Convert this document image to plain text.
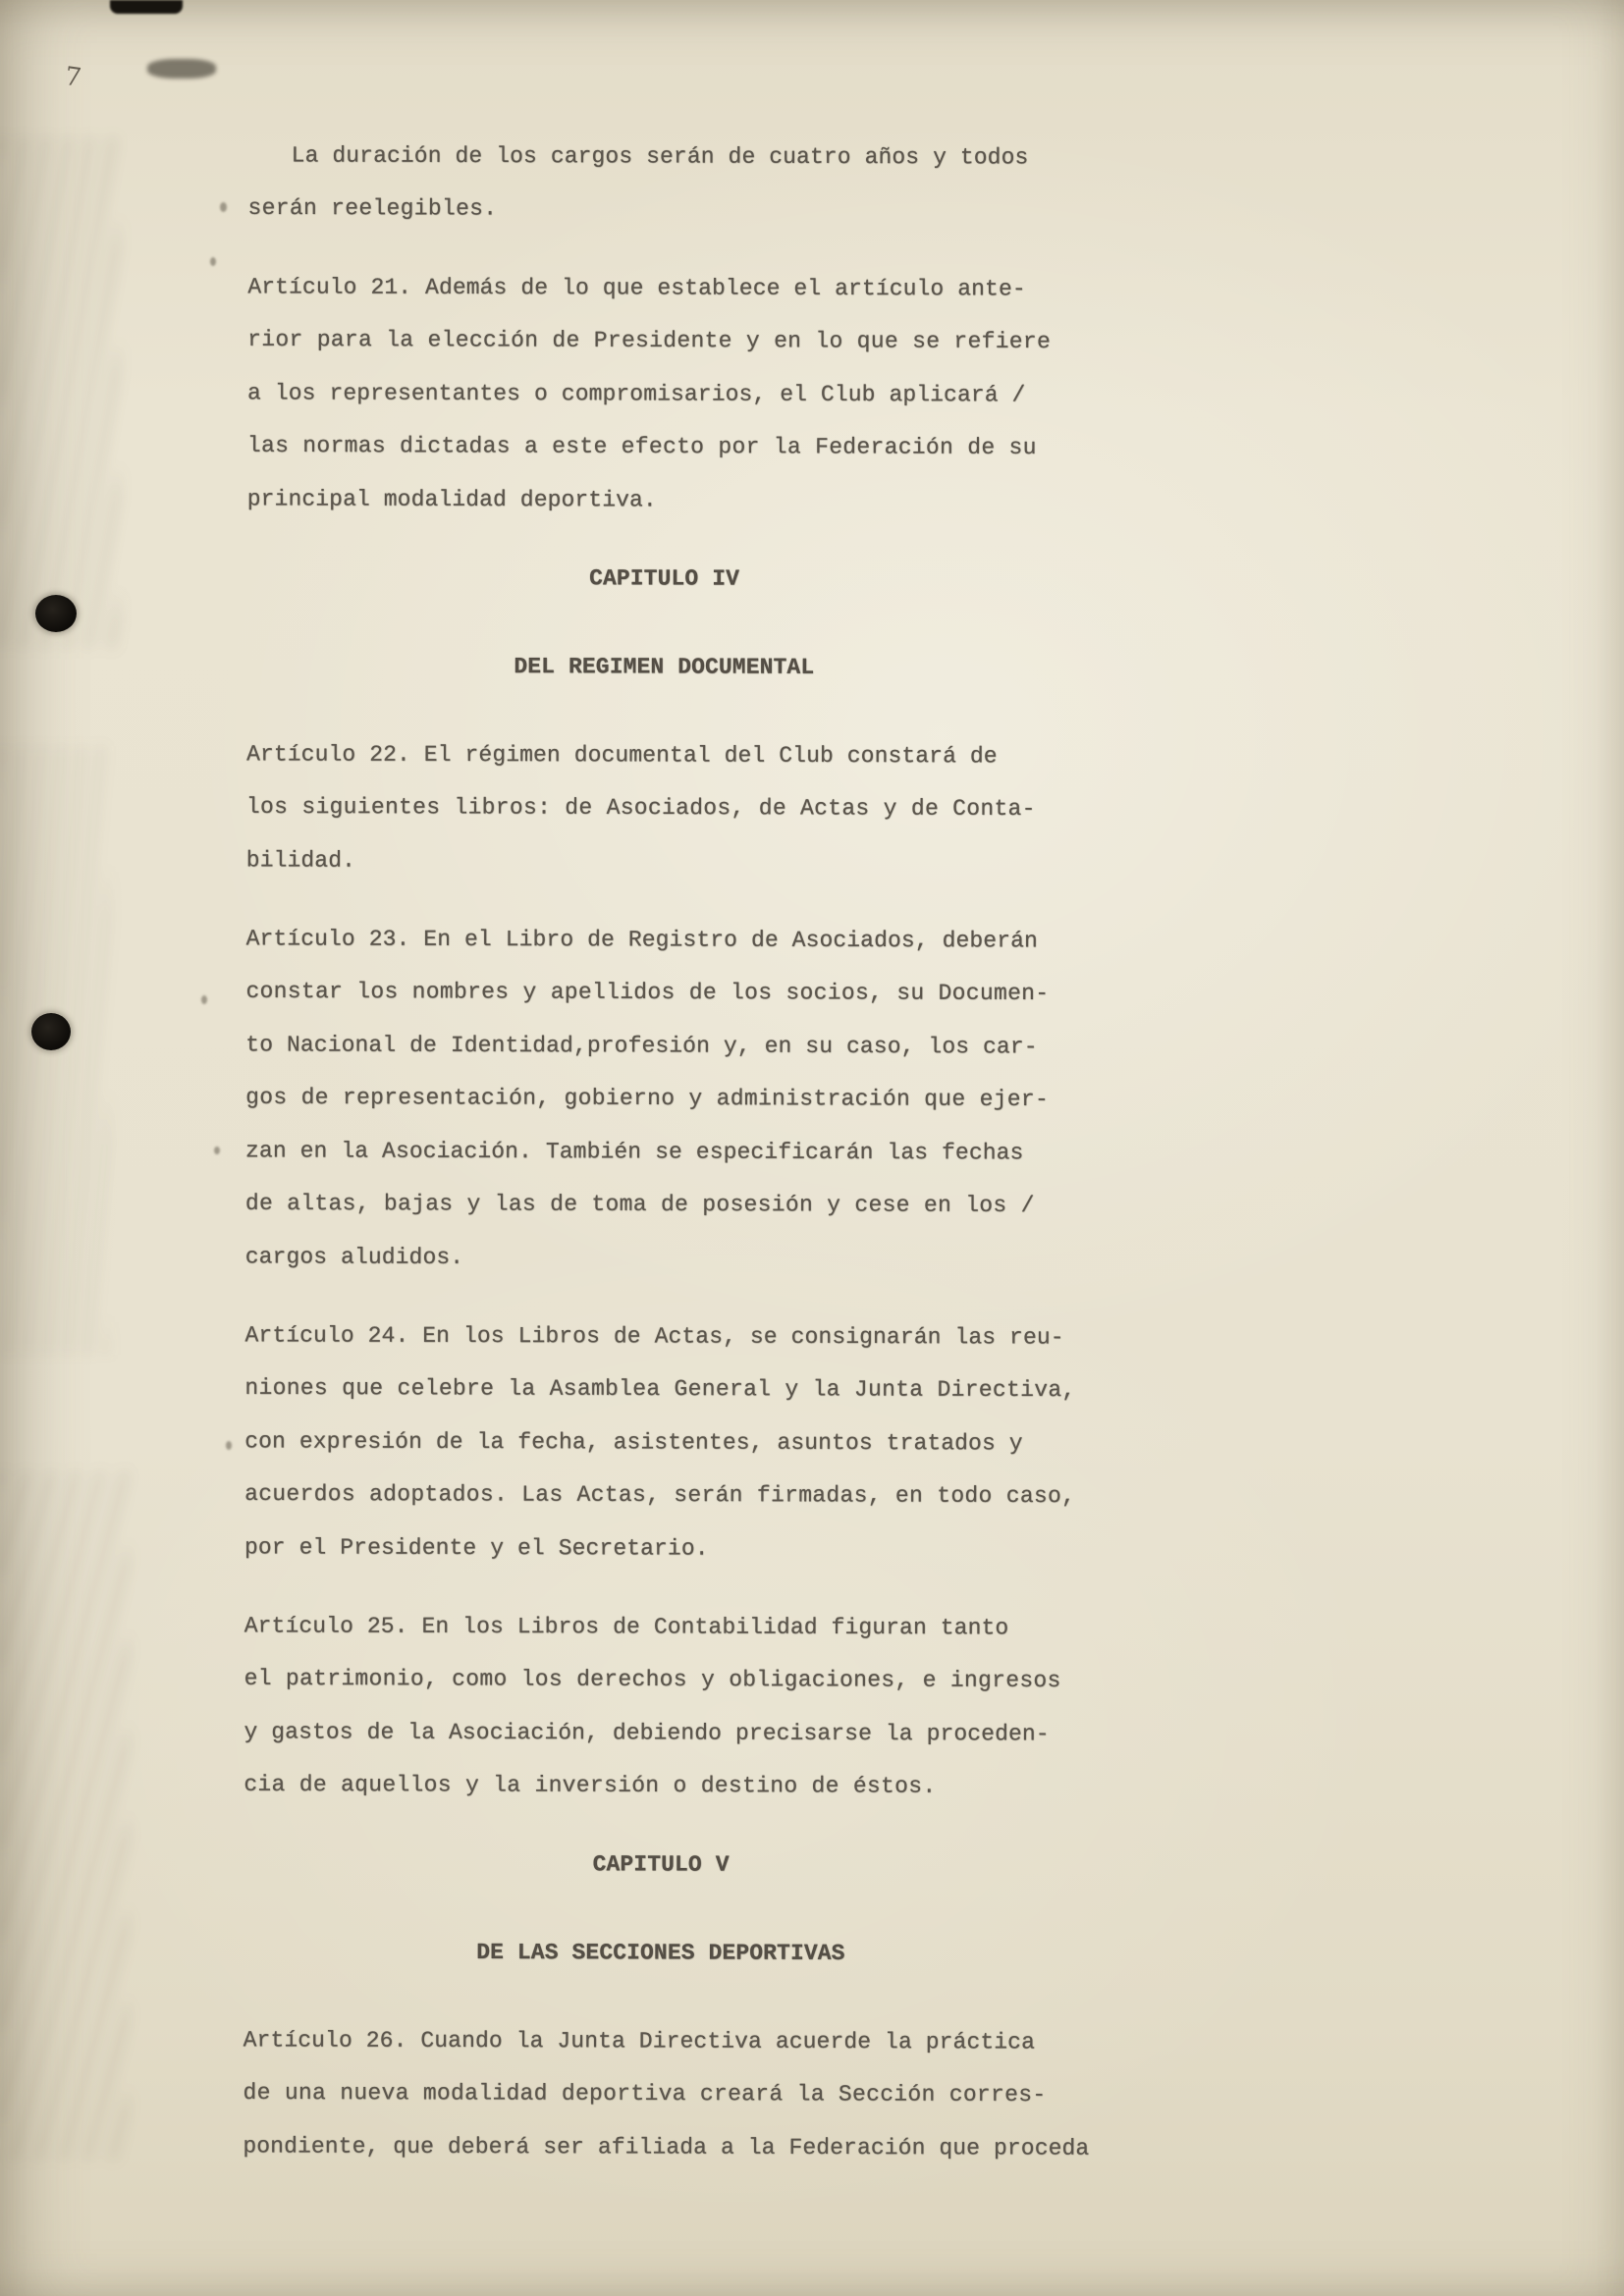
7

La duración de los cargos serán de cuatro años y todos
serán reelegibles.

Artículo 21. Además de lo que establece el artículo ante-
rior para la elección de Presidente y en lo que se refiere
a los representantes o compromisarios, el Club aplicará /
las normas dictadas a este efecto por la Federación de su
principal modalidad deportiva.

CAPITULO IV
DEL REGIMEN DOCUMENTAL

Artículo 22. El régimen documental del Club constará de
los siguientes libros: de Asociados, de Actas y de Conta-
bilidad.

Artículo 23. En el Libro de Registro de Asociados, deberán
constar los nombres y apellidos de los socios, su Documen-
to Nacional de Identidad,profesión y, en su caso, los car-
gos de representación, gobierno y administración que ejer-
zan en la Asociación. También se especificarán las fechas
de altas, bajas y las de toma de posesión y cese en los /
cargos aludidos.

Artículo 24. En los Libros de Actas, se consignarán las reu-
niones que celebre la Asamblea General y la Junta Directiva,
con expresión de la fecha, asistentes, asuntos tratados y
acuerdos adoptados. Las Actas, serán firmadas, en todo caso,
por el Presidente y el Secretario.

Artículo 25. En los Libros de Contabilidad figuran tanto
el patrimonio, como los derechos y obligaciones, e ingresos
y gastos de la Asociación, debiendo precisarse la proceden-
cia de aquellos y la inversión o destino de éstos.

CAPITULO V
DE LAS SECCIONES DEPORTIVAS

Artículo 26. Cuando la Junta Directiva acuerde la práctica
de una nueva modalidad deportiva creará la Sección corres-
pondiente, que deberá ser afiliada a la Federación que proceda
